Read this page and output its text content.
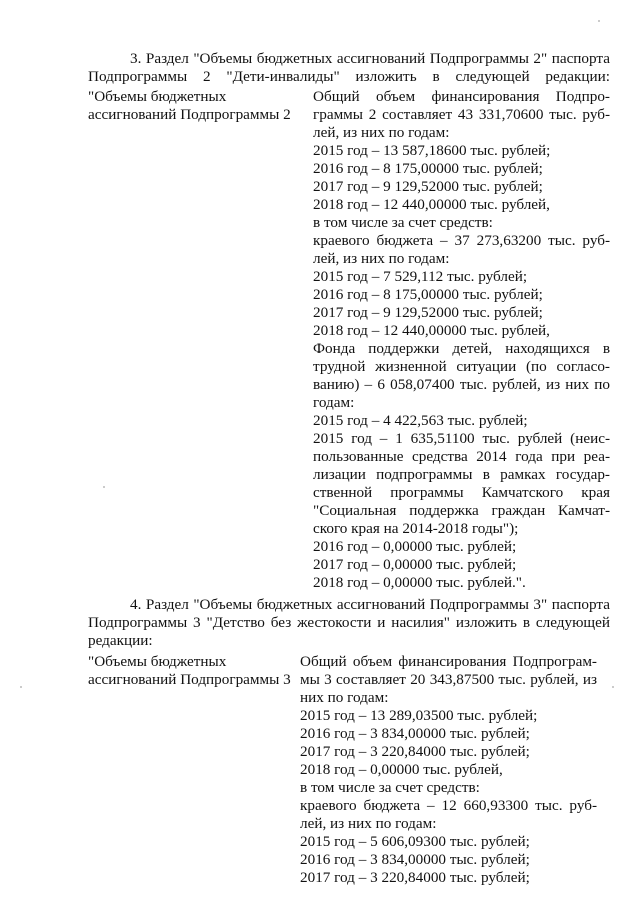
3. Раздел "Объемы бюджетных ассигнований Подпрограммы 2" паспорта
Подпрограммы 2 "Дети-инвалиды" изложить в следующей редакции:
"Объемы бюджетных
ассигнований Подпрограммы 2
Общий объем финансирования Подпро-
граммы 2 составляет 43 331,70600 тыс. руб-
лей, из них по годам:
2015 год – 13 587,18600 тыс. рублей;
2016 год – 8 175,00000 тыс. рублей;
2017 год – 9 129,52000 тыс. рублей;
2018 год – 12 440,00000 тыс. рублей,
в том числе за счет средств:
краевого бюджета – 37 273,63200 тыс. руб-
лей, из них по годам:
2015 год – 7 529,112 тыс. рублей;
2016 год – 8 175,00000 тыс. рублей;
2017 год – 9 129,52000 тыс. рублей;
2018 год – 12 440,00000 тыс. рублей,
Фонда поддержки детей, находящихся в
трудной жизненной ситуации (по согласо-
ванию) – 6 058,07400 тыс. рублей, из них по
годам:
2015 год – 4 422,563 тыс. рублей;
2015 год – 1 635,51100 тыс. рублей (неис-
пользованные средства 2014 года при реа-
лизации подпрограммы в рамках государ-
ственной программы Камчатского края
"Социальная поддержка граждан Камчат-
ского края на 2014-2018 годы");
2016 год – 0,00000 тыс. рублей;
2017 год – 0,00000 тыс. рублей;
2018 год – 0,00000 тыс. рублей.".
4. Раздел "Объемы бюджетных ассигнований Подпрограммы 3" паспорта
Подпрограммы 3 "Детство без жестокости и насилия" изложить в следующей
редакции:
"Объемы бюджетных
ассигнований Подпрограммы 3
Общий объем финансирования Подпрограм-
мы 3 составляет 20 343,87500 тыс. рублей, из
них по годам:
2015 год – 13 289,03500 тыс. рублей;
2016 год – 3 834,00000 тыс. рублей;
2017 год – 3 220,84000 тыс. рублей;
2018 год – 0,00000 тыс. рублей,
в том числе за счет средств:
краевого бюджета – 12 660,93300 тыс. руб-
лей, из них по годам:
2015 год – 5 606,09300 тыс. рублей;
2016 год – 3 834,00000 тыс. рублей;
2017 год – 3 220,84000 тыс. рублей;
